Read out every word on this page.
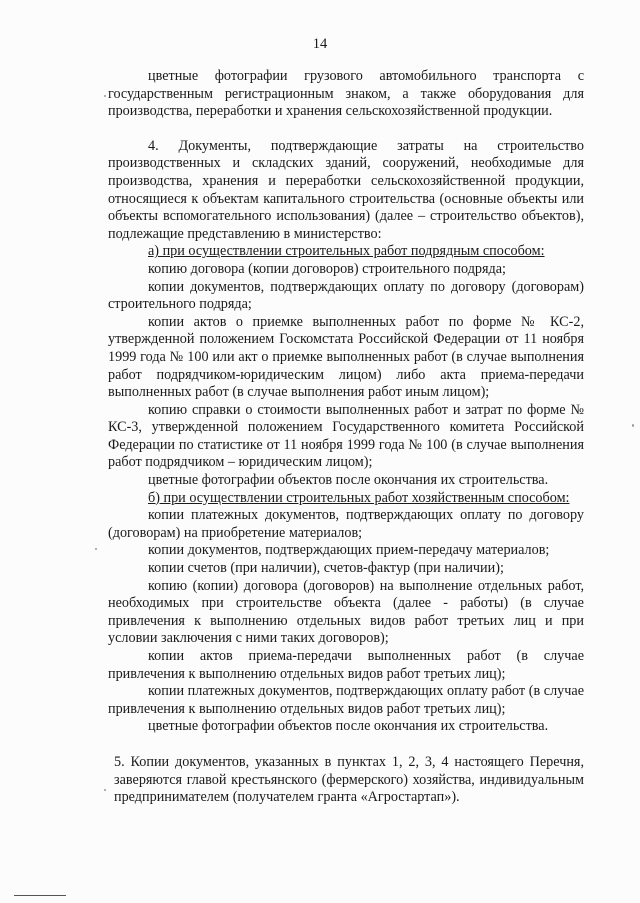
14

цветные фотографии грузового автомобильного транспорта с государственным регистрационным знаком, а также оборудования для производства, переработки и хранения сельскохозяйственной продукции.

4. Документы, подтверждающие затраты на строительство производственных и складских зданий, сооружений, необходимые для производства, хранения и переработки сельскохозяйственной продукции, относящиеся к объектам капитального строительства (основные объекты или объекты вспомогательного использования) (далее – строительство объектов), подлежащие представлению в министерство:

а) при осуществлении строительных работ подрядным способом:

копию договора (копии договоров) строительного подряда;

копии документов, подтверждающих оплату по договору (договорам) строительного подряда;

копии актов о приемке выполненных работ по форме № КС-2, утвержденной положением Госкомстата Российской Федерации от 11 ноября 1999 года № 100 или акт о приемке выполненных работ (в случае выполнения работ подрядчиком-юридическим лицом) либо акта приема-передачи выполненных работ (в случае выполнения работ иным лицом);

копию справки о стоимости выполненных работ и затрат по форме № КС-3, утвержденной положением Государственного комитета Российской Федерации по статистике от 11 ноября 1999 года № 100 (в случае выполнения работ подрядчиком – юридическим лицом);

цветные фотографии объектов после окончания их строительства.

б) при осуществлении строительных работ хозяйственным способом:

копии платежных документов, подтверждающих оплату по договору (договорам) на приобретение материалов;

копии документов, подтверждающих прием-передачу материалов;

копии счетов (при наличии), счетов-фактур (при наличии);

копию (копии) договора (договоров) на выполнение отдельных работ, необходимых при строительстве объекта (далее - работы) (в случае привлечения к выполнению отдельных видов работ третьих лиц и при условии заключения с ними таких договоров);

копии актов приема-передачи выполненных работ (в случае привлечения к выполнению отдельных видов работ третьих лиц);

копии платежных документов, подтверждающих оплату работ (в случае привлечения к выполнению отдельных видов работ третьих лиц);

цветные фотографии объектов после окончания их строительства.

5. Копии документов, указанных в пунктах 1, 2, 3, 4 настоящего Перечня, заверяются главой крестьянского (фермерского) хозяйства, индивидуальным предпринимателем (получателем гранта «Агростартап»).
